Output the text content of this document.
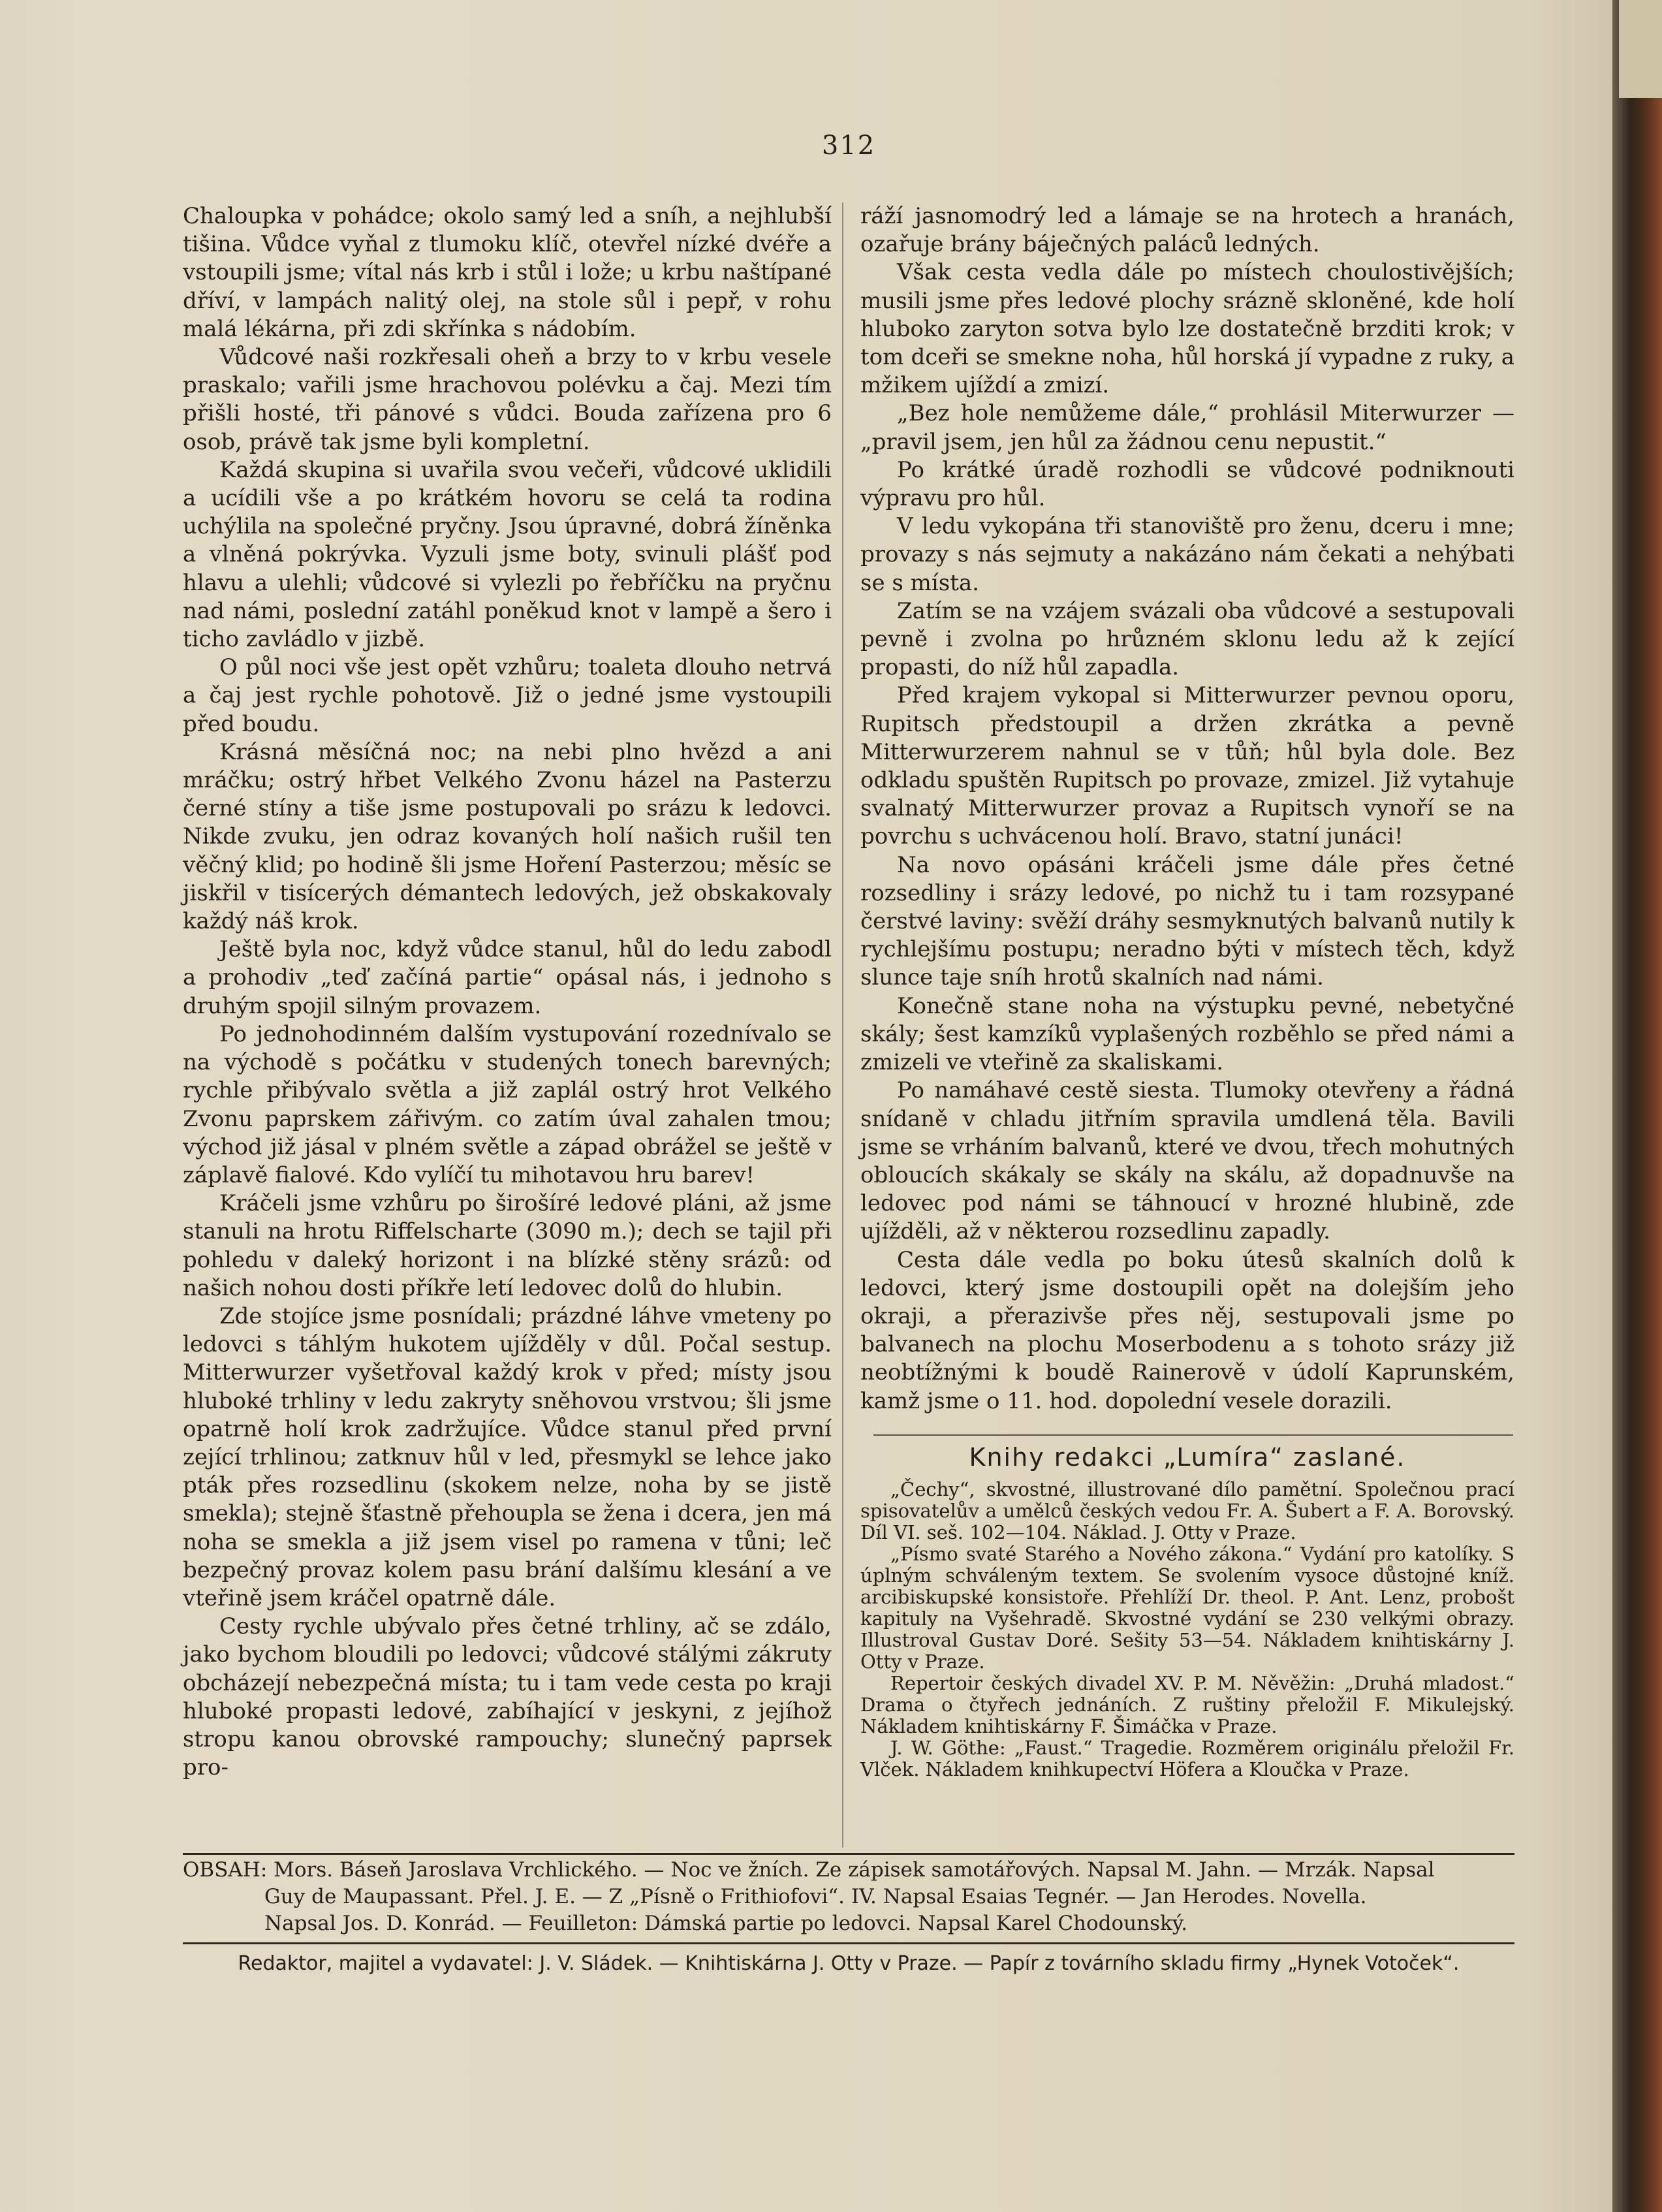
312

Chaloupka v pohádce; okolo samý led a sníh, a nejhlubší tišina. Vůdce vyňal z tlumoku klíč, otevřel nízké dvéře a vstoupili jsme; vítal nás krb i stůl i lože; u krbu naštípané dříví, v lampách nalitý olej, na stole sůl i pepř, v rohu malá lékárna, při zdi skřínka s nádobím.

Vůdcové naši rozkřesali oheň a brzy to v krbu vesele praskalo; vařili jsme hrachovou polévku a čaj. Mezi tím přišli hosté, tři pánové s vůdci. Bouda zařízena pro 6 osob, právě tak jsme byli kompletní.

Každá skupina si uvařila svou večeři, vůdcové uklidili a ucídili vše a po krátkém hovoru se celá ta rodina uchýlila na společné pryčny. Jsou úpravné, dobrá žíněnka a vlněná pokrývka. Vyzuli jsme boty, svinuli plášť pod hlavu a ulehli; vůdcové si vylezli po řebříčku na pryčnu nad námi, poslední zatáhl poněkud knot v lampě a šero i ticho zavládlo v jizbě.

O půl noci vše jest opět vzhůru; toaleta dlouho netrvá a čaj jest rychle pohotově. Již o jedné jsme vystoupili před boudu.

Krásná měsíčná noc; na nebi plno hvězd a ani mráčku; ostrý hřbet Velkého Zvonu házel na Pasterzu černé stíny a tiše jsme postupovali po srázu k ledovci. Nikde zvuku, jen odraz kovaných holí našich rušil ten věčný klid; po hodině šli jsme Hoření Pasterzou; měsíc se jiskřil v tisícerých démantech ledových, jež obskakovaly každý náš krok.

Ještě byla noc, když vůdce stanul, hůl do ledu zabodl a prohodiv „teď začíná partie“ opásal nás, i jednoho s druhým spojil silným provazem.

Po jednohodinném dalším vystupování rozednívalo se na východě s počátku v studených tonech barevných; rychle přibývalo světla a již zaplál ostrý hrot Velkého Zvonu paprskem zářivým. co zatím úval zahalen tmou; východ již jásal v plném světle a západ obrážel se ještě v záplavě fialové. Kdo vylíčí tu mihotavou hru barev!

Kráčeli jsme vzhůru po širošíré ledové pláni, až jsme stanuli na hrotu Riffelscharte (3090 m.); dech se tajil při pohledu v daleký horizont i na blízké stěny srázů: od našich nohou dosti příkře letí ledovec dolů do hlubin.

Zde stojíce jsme posnídali; prázdné láhve vmeteny po ledovci s táhlým hukotem ujížděly v důl. Počal sestup. Mitterwurzer vyšetřoval každý krok v před; místy jsou hluboké trhliny v ledu zakryty sněhovou vrstvou; šli jsme opatrně holí krok zadržujíce. Vůdce stanul před první zející trhlinou; zatknuv hůl v led, přesmykl se lehce jako pták přes rozsedlinu (skokem nelze, noha by se jistě smekla); stejně šťastně přehoupla se žena i dcera, jen má noha se smekla a již jsem visel po ramena v tůni; leč bezpečný provaz kolem pasu brání dalšímu klesání a ve vteřině jsem kráčel opatrně dále.

Cesty rychle ubývalo přes četné trhliny, ač se zdálo, jako bychom bloudili po ledovci; vůdcové stálými zákruty obcházejí nebezpečná místa; tu i tam vede cesta po kraji hluboké propasti ledové, zabíhající v jeskyni, z jejíhož stropu kanou obrovské rampouchy; slunečný paprsek pro-

ráží jasnomodrý led a lámaje se na hrotech a hranách, ozařuje brány báječných paláců ledných.

Však cesta vedla dále po místech choulostivějších; musili jsme přes ledové plochy srázně skloněné, kde holí hluboko zaryton sotva bylo lze dostatečně brzditi krok; v tom dceři se smekne noha, hůl horská jí vypadne z ruky, a mžikem ujíždí a zmizí.

„Bez hole nemůžeme dále,“ prohlásil Miterwurzer — „pravil jsem, jen hůl za žádnou cenu nepustit.“

Po krátké úradě rozhodli se vůdcové podniknouti výpravu pro hůl.

V ledu vykopána tři stanoviště pro ženu, dceru i mne; provazy s nás sejmuty a nakázáno nám čekati a nehýbati se s místa.

Zatím se na vzájem svázali oba vůdcové a sestupovali pevně i zvolna po hrůzném sklonu ledu až k zející propasti, do níž hůl zapadla.

Před krajem vykopal si Mitterwurzer pevnou oporu, Rupitsch předstoupil a držen zkrátka a pevně Mitterwurzerem nahnul se v tůň; hůl byla dole. Bez odkladu spuštěn Rupitsch po provaze, zmizel. Již vytahuje svalnatý Mitterwurzer provaz a Rupitsch vynoří se na povrchu s uchvácenou holí. Bravo, statní junáci!

Na novo opásáni kráčeli jsme dále přes četné rozsedliny i srázy ledové, po nichž tu i tam rozsypané čerstvé laviny: svěží dráhy sesmyknutých balvanů nutily k rychlejšímu postupu; neradno býti v místech těch, když slunce taje sníh hrotů skalních nad námi.

Konečně stane noha na výstupku pevné, nebetyčné skály; šest kamzíků vyplašených rozběhlo se před námi a zmizeli ve vteřině za skaliskami.

Po namáhavé cestě siesta. Tlumoky otevřeny a řádná snídaně v chladu jitřním spravila umdlená těla. Bavili jsme se vrháním balvanů, které ve dvou, třech mohutných obloucích skákaly se skály na skálu, až dopadnuvše na ledovec pod námi se táhnoucí v hrozné hlubině, zde ujížděli, až v některou rozsedlinu zapadly.

Cesta dále vedla po boku útesů skalních dolů k ledovci, který jsme dostoupili opět na dolejším jeho okraji, a přerazivše přes něj, sestupovali jsme po balvanech na plochu Moserbodenu a s tohoto srázy již neobtížnými k boudě Rainerově v údolí Kaprunském, kamž jsme o 11. hod. dopolední vesele dorazili.

Knihy redakci „Lumíra“ zaslané.

„Čechy“, skvostné, illustrované dílo pamětní. Společnou prací spisovatelův a umělců českých vedou Fr. A. Šubert a F. A. Borovský. Díl VI. seš. 102—104. Náklad. J. Otty v Praze.

„Písmo svaté Starého a Nového zákona.“ Vydání pro katolíky. S úplným schváleným textem. Se svolením vysoce důstojné kníž. arcibiskupské konsistoře. Přehlíží Dr. theol. P. Ant. Lenz, probošt kapituly na Vyšehradě. Skvostné vydání se 230 velkými obrazy. Illustroval Gustav Doré. Sešity 53—54. Nákladem knihtiskárny J. Otty v Praze.

Repertoir českých divadel XV. P. M. Něvěžin: „Druhá mladost.“ Drama o čtyřech jednáních. Z ruštiny přeložil F. Mikulejský. Nákladem knihtiskárny F. Šimáčka v Praze.

J. W. Göthe: „Faust.“ Tragedie. Rozměrem originálu přeložil Fr. Vlček. Nákladem knihkupectví Höfera a Kloučka v Praze.

OBSAH: Mors. Báseň Jaroslava Vrchlického. — Noc ve žních. Ze zápisek samotářových. Napsal M. Jahn. — Mrzák. Napsal
Guy de Maupassant. Přel. J. E. — Z „Písně o Frithiofovi“. IV. Napsal Esaias Tegnér. — Jan Herodes. Novella.
Napsal Jos. D. Konrád. — Feuilleton: Dámská partie po ledovci. Napsal Karel Chodounský.
Redaktor, majitel a vydavatel: J. V. Sládek. — Knihtiskárna J. Otty v Praze. — Papír z továrního skladu firmy „Hynek Votoček“.
